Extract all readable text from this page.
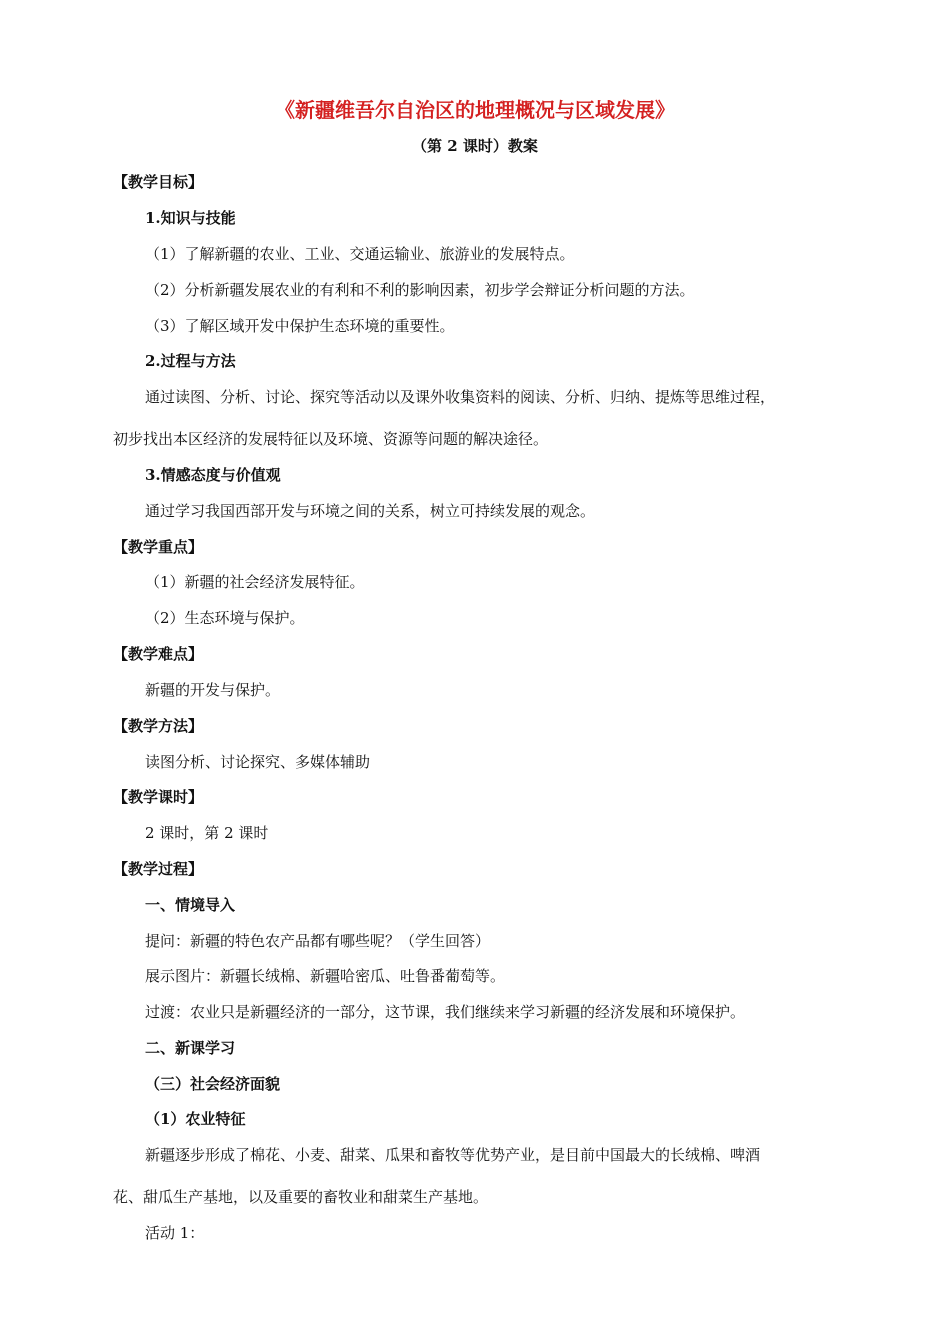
《新疆维吾尔自治区的地理概况与区域发展》
（第 2 课时）教案
【教学目标】
1.知识与技能
（1）了解新疆的农业、工业、交通运输业、旅游业的发展特点。
（2）分析新疆发展农业的有利和不利的影响因素，初步学会辩证分析问题的方法。
（3）了解区域开发中保护生态环境的重要性。
2.过程与方法
通过读图、分析、讨论、探究等活动以及课外收集资料的阅读、分析、归纳、提炼等思维过程，
初步找出本区经济的发展特征以及环境、资源等问题的解决途径。
3.情感态度与价值观
通过学习我国西部开发与环境之间的关系，树立可持续发展的观念。
【教学重点】
（1）新疆的社会经济发展特征。
（2）生态环境与保护。
【教学难点】
新疆的开发与保护。
【教学方法】
读图分析、讨论探究、多媒体辅助
【教学课时】
2 课时，第 2 课时
【教学过程】
一、情境导入
提问：新疆的特色农产品都有哪些呢？（学生回答）
展示图片：新疆长绒棉、新疆哈密瓜、吐鲁番葡萄等。
过渡：农业只是新疆经济的一部分，这节课，我们继续来学习新疆的经济发展和环境保护。
二、新课学习
（三）社会经济面貌
（1）农业特征
新疆逐步形成了棉花、小麦、甜菜、瓜果和畜牧等优势产业，是目前中国最大的长绒棉、啤酒
花、甜瓜生产基地，以及重要的畜牧业和甜菜生产基地。
活动 1：
